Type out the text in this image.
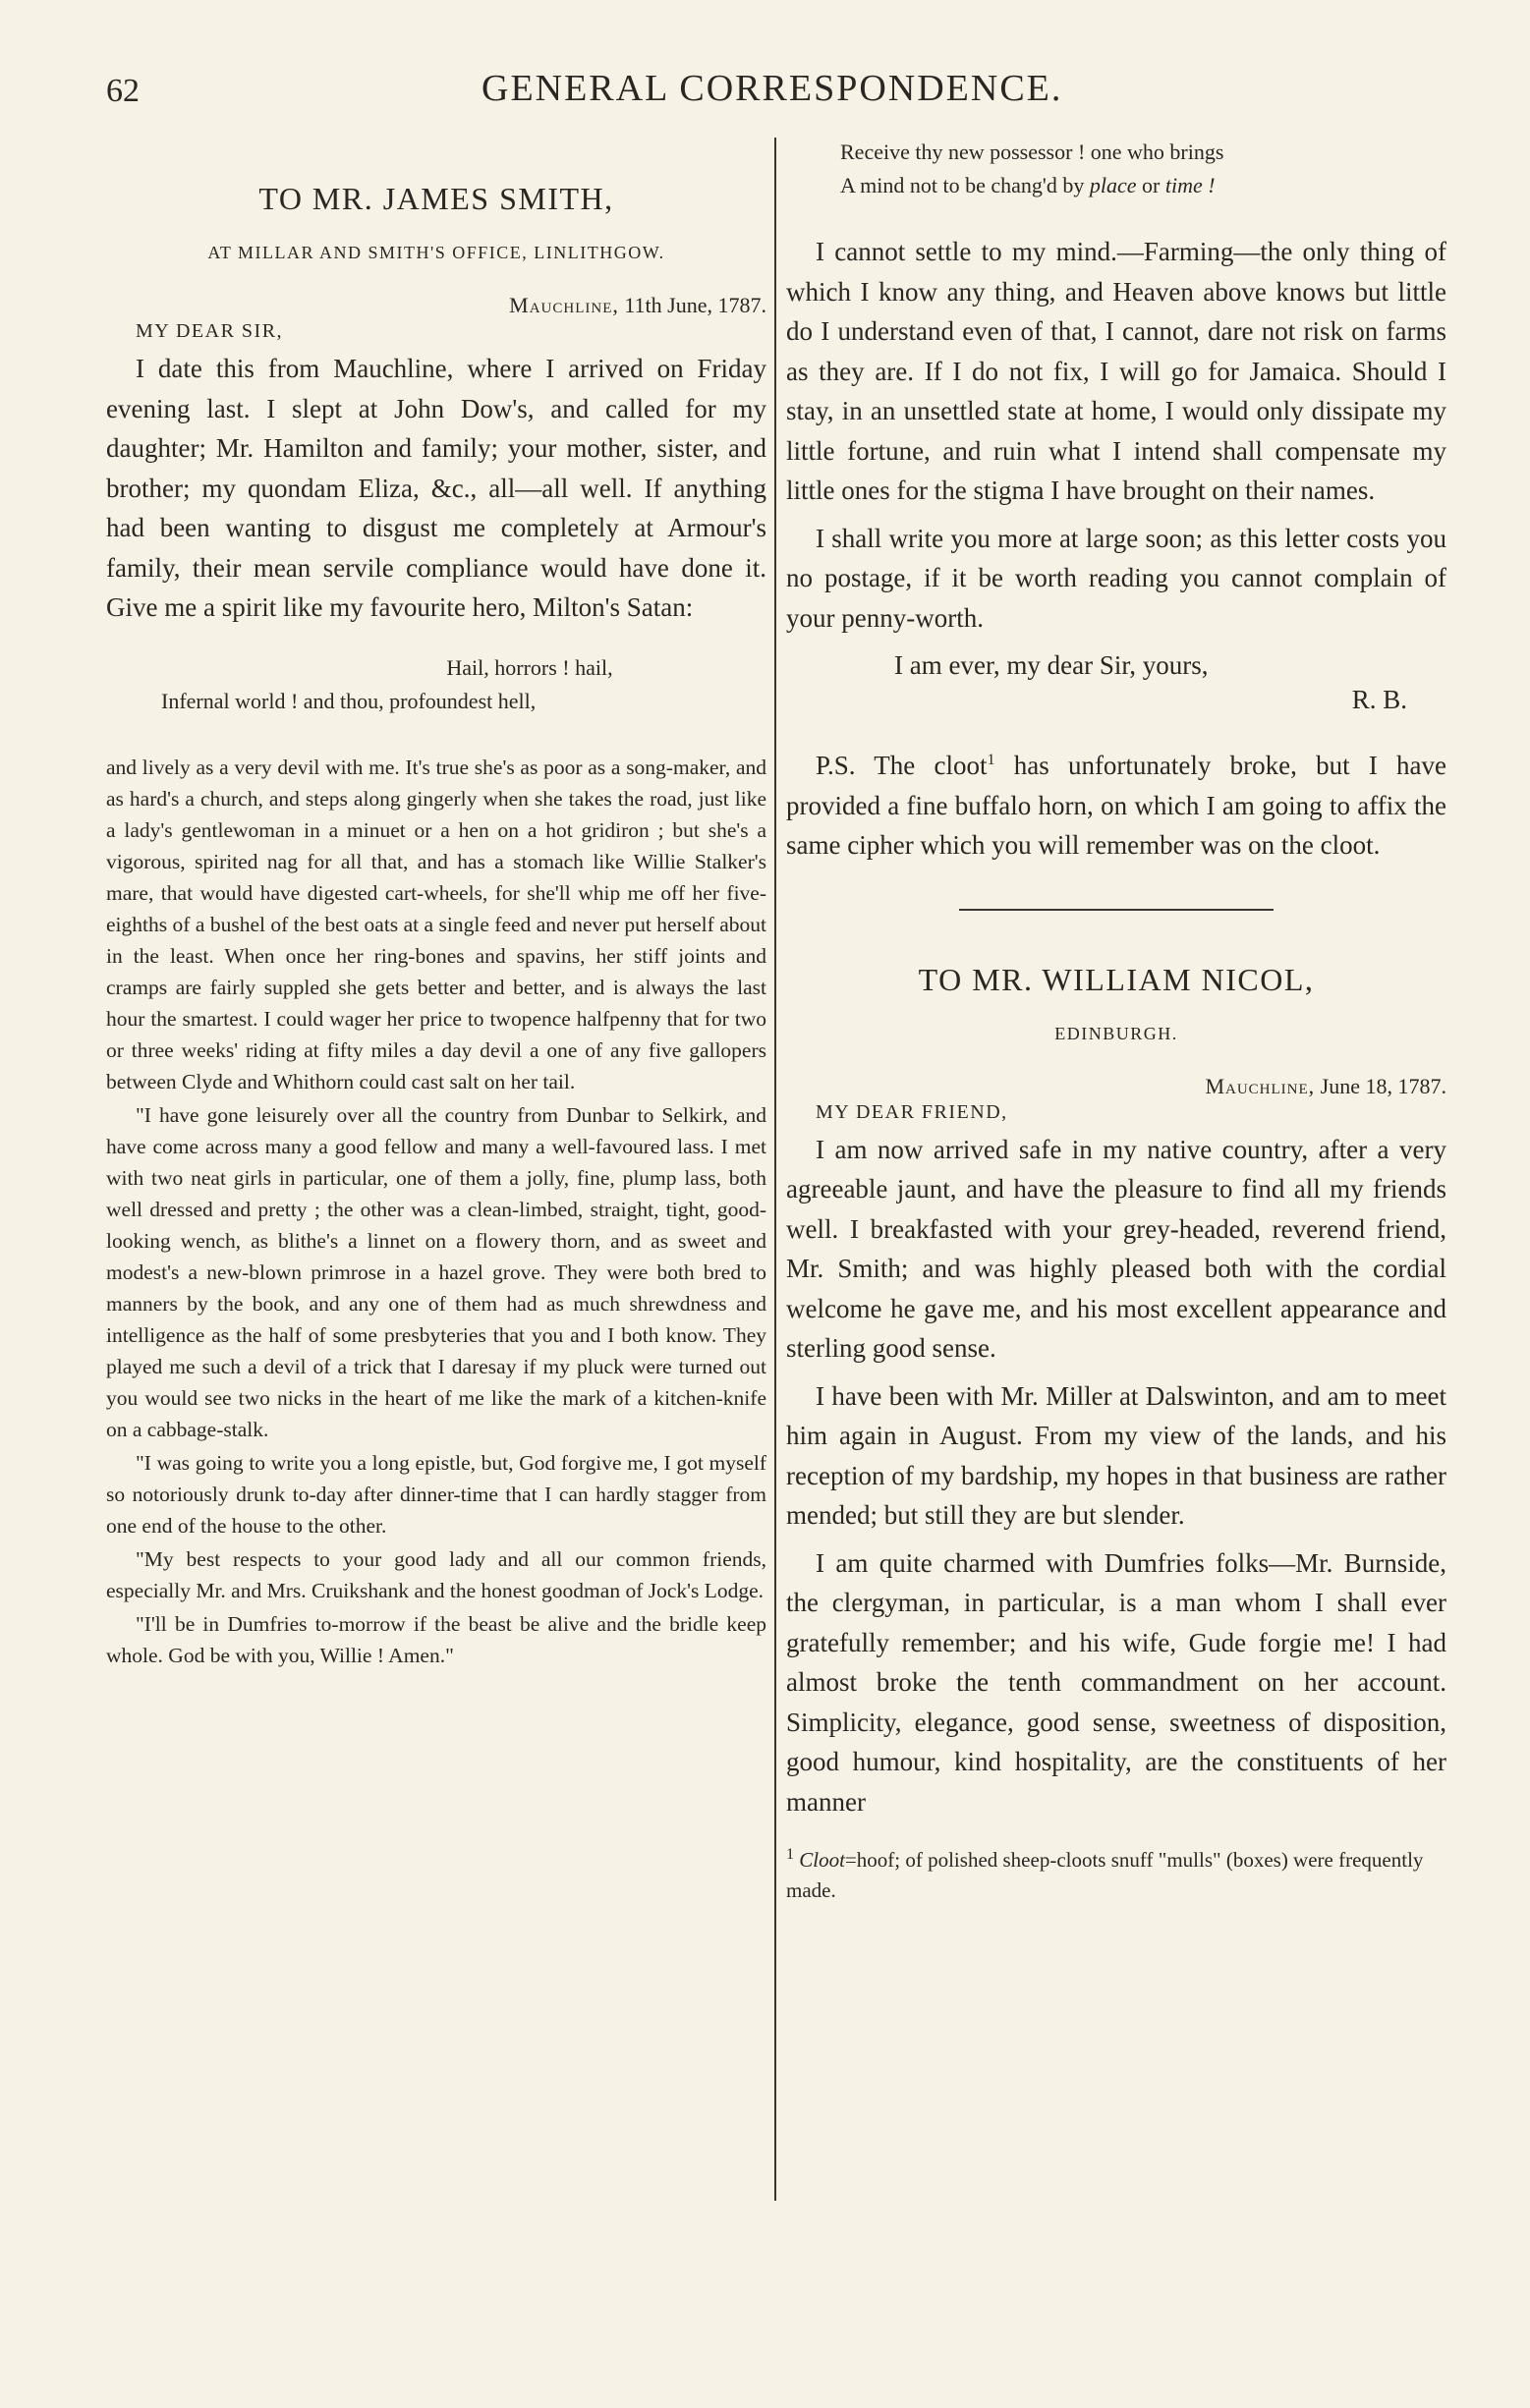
62	GENERAL CORRESPONDENCE.
TO MR. JAMES SMITH,
AT MILLAR AND SMITH'S OFFICE, LINLITHGOW.

Mauchline, 11th June, 1787.

MY DEAR SIR,

I date this from Mauchline, where I arrived on Friday evening last. I slept at John Dow's, and called for my daughter; Mr. Hamilton and family; your mother, sister, and brother; my quondam Eliza, &c., all—all well. If anything had been wanting to disgust me completely at Armour's family, their mean servile compliance would have done it. Give me a spirit like my favourite hero, Milton's Satan:

Hail, horrors ! hail,
Infernal world ! and thou, profoundest hell,

and lively as a very devil with me. It's true she's as poor as a song-maker, and as hard's a church, and steps along gingerly when she takes the road, just like a lady's gentlewoman in a minuet or a hen on a hot gridiron ; but she's a vigorous, spirited nag for all that, and has a stomach like Willie Stalker's mare, that would have digested cart-wheels, for she'll whip me off her five-eighths of a bushel of the best oats at a single feed and never put herself about in the least. When once her ring-bones and spavins, her stiff joints and cramps are fairly suppled she gets better and better, and is always the last hour the smartest. I could wager her price to twopence halfpenny that for two or three weeks' riding at fifty miles a day devil a one of any five gallopers between Clyde and Whithorn could cast salt on her tail.

"I have gone leisurely over all the country from Dunbar to Selkirk, and have come across many a good fellow and many a well-favoured lass. I met with two neat girls in particular, one of them a jolly, fine, plump lass, both well dressed and pretty ; the other was a clean-limbed, straight, tight, good-looking wench, as blithe's a linnet on a flowery thorn, and as sweet and modest's a new-blown primrose in a hazel grove. They were both bred to manners by the book, and any one of them had as much shrewdness and intelligence as the half of some presbyteries that you and I both know. They played me such a devil of a trick that I daresay if my pluck were turned out you would see two nicks in the heart of me like the mark of a kitchen-knife on a cabbage-stalk.

"I was going to write you a long epistle, but, God forgive me, I got myself so notoriously drunk to-day after dinner-time that I can hardly stagger from one end of the house to the other.

"My best respects to your good lady and all our common friends, especially Mr. and Mrs. Cruikshank and the honest goodman of Jock's Lodge.

"I'll be in Dumfries to-morrow if the beast be alive and the bridle keep whole. God be with you, Willie ! Amen."

Receive thy new possessor ! one who brings
A mind not to be chang'd by place or time !

I cannot settle to my mind.—Farming—the only thing of which I know any thing, and Heaven above knows but little do I understand even of that, I cannot, dare not risk on farms as they are. If I do not fix, I will go for Jamaica. Should I stay, in an unsettled state at home, I would only dissipate my little fortune, and ruin what I intend shall compensate my little ones for the stigma I have brought on their names.

I shall write you more at large soon; as this letter costs you no postage, if it be worth reading you cannot complain of your penny-worth.

I am ever, my dear Sir, yours,

R. B.

P.S. The cloot$^1$ has unfortunately broke, but I have provided a fine buffalo horn, on which I am going to affix the same cipher which you will remember was on the cloot.

TO MR. WILLIAM NICOL,
EDINBURGH.

Mauchline, June 18, 1787.

MY DEAR FRIEND,

I am now arrived safe in my native country, after a very agreeable jaunt, and have the pleasure to find all my friends well. I breakfasted with your grey-headed, reverend friend, Mr. Smith; and was highly pleased both with the cordial welcome he gave me, and his most excellent appearance and sterling good sense.

I have been with Mr. Miller at Dalswinton, and am to meet him again in August. From my view of the lands, and his reception of my bardship, my hopes in that business are rather mended; but still they are but slender.

I am quite charmed with Dumfries folks—Mr. Burnside, the clergyman, in particular, is a man whom I shall ever gratefully remember; and his wife, Gude forgie me! I had almost broke the tenth commandment on her account. Simplicity, elegance, good sense, sweetness of disposition, good humour, kind hospitality, are the constituents of her manner

$^1$ Cloot=hoof; of polished sheep-cloots snuff "mulls" (boxes) were frequently made.
